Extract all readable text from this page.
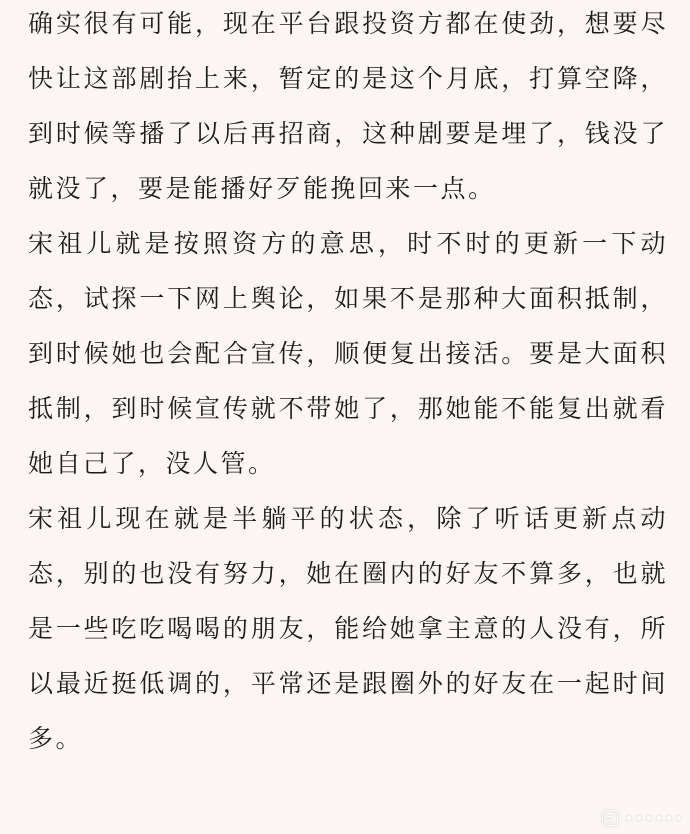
确实很有可能，现在平台跟投资方都在使劲，想要尽快让这部剧抬上来，暂定的是这个月底，打算空降，到时候等播了以后再招商，这种剧要是埋了，钱没了就没了，要是能播好歹能挽回来一点。

宋祖儿就是按照资方的意思，时不时的更新一下动态，试探一下网上舆论，如果不是那种大面积抵制，到时候她也会配合宣传，顺便复出接活。要是大面积抵制，到时候宣传就不带她了，那她能不能复出就看她自己了，没人管。

宋祖儿现在就是半躺平的状态，除了听话更新点动态，别的也没有努力，她在圈内的好友不算多，也就是一些吃吃喝喝的朋友，能给她拿主意的人没有，所以最近挺低调的，平常还是跟圈外的好友在一起时间多。
